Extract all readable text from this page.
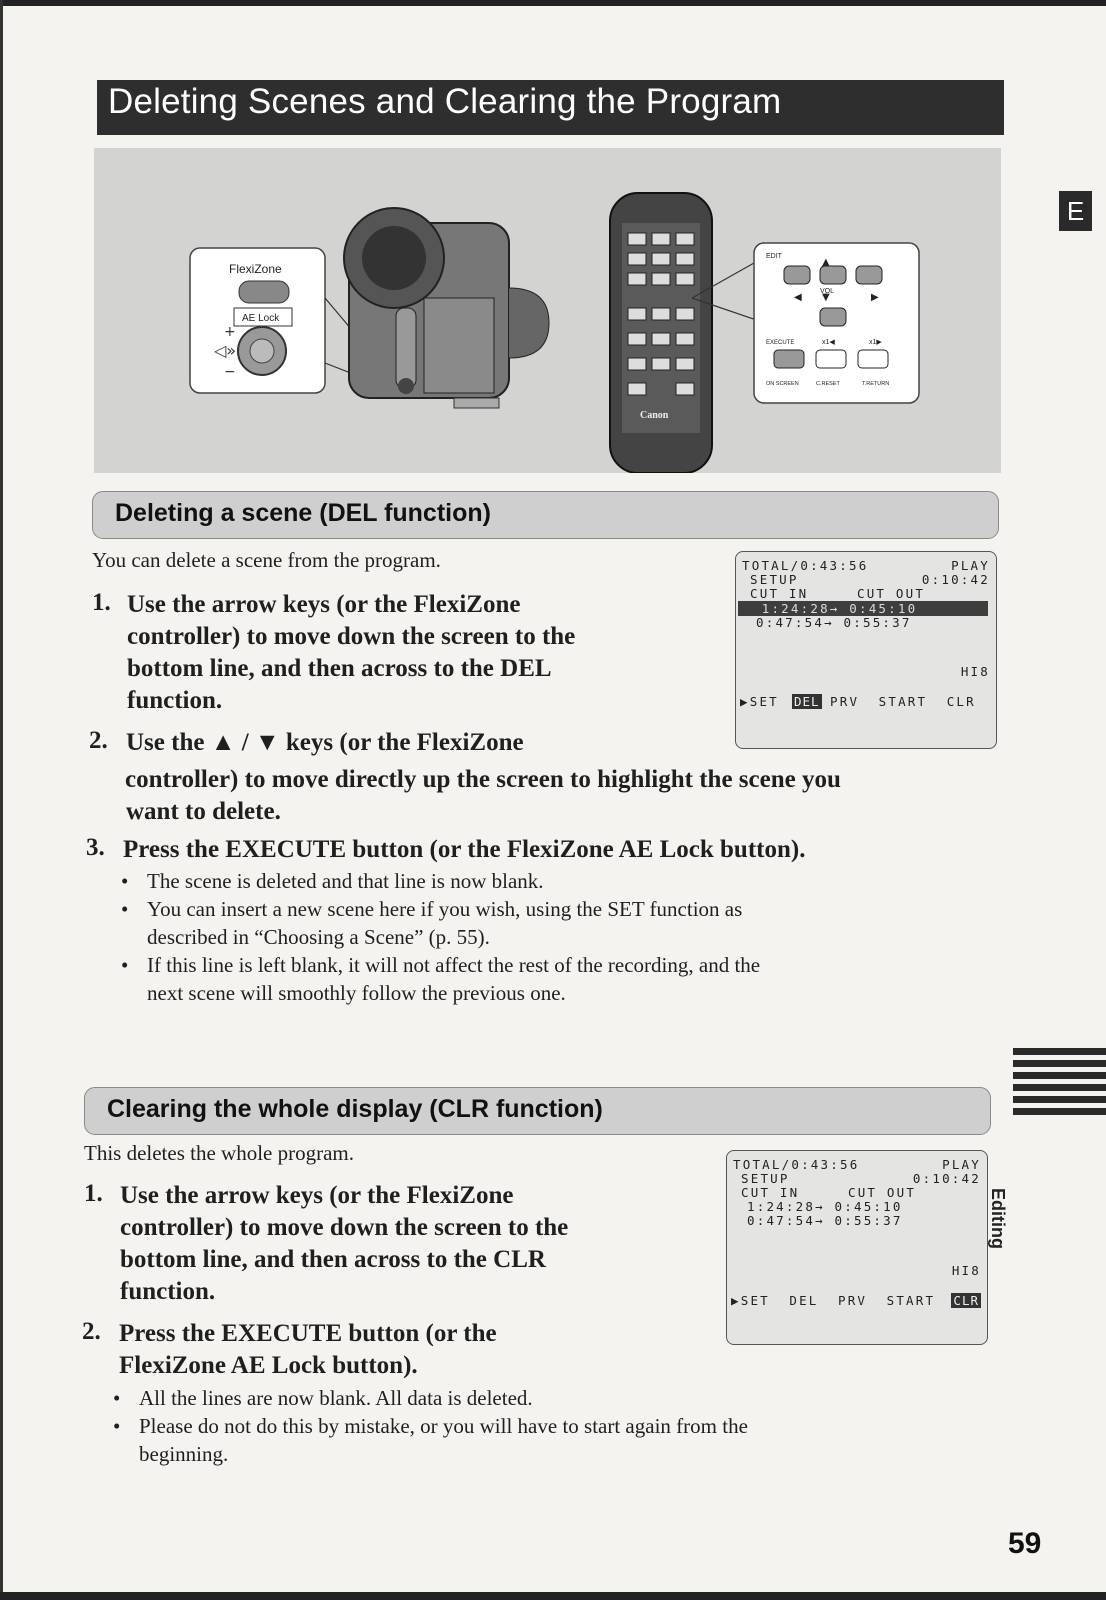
Deleting Scenes and Clearing the Program
E
FlexiZone
AE Lock
◁»
+
−
Canon
EDIT
▲
◀	▶
▼
VOL
EXECUTE	x1◀	x1▶
ON SCREEN	C.RESET	T.RETURN
Deleting a scene (DEL function)
You can delete a scene from the program.
1. Use the arrow keys (or the FlexiZone
controller) to move down the screen to the
bottom line, and then across to the DEL
function.
2. Use the ▲ / ▼ keys (or the FlexiZone
controller) to move directly up the screen to highlight the scene you
want to delete.
3. Press the EXECUTE button (or the FlexiZone AE Lock button).
• The scene is deleted and that line is now blank.
• You can insert a new scene here if you wish, using the SET function as
described in “Choosing a Scene” (p. 55).
• If this line is left blank, it will not affect the rest of the recording, and the
next scene will smoothly follow the previous one.
TOTAL/0:43:56	PLAY
SETUP	0:10:42
CUT IN     CUT OUT
1:24:28→ 0:45:10
0:47:54→ 0:55:37
HI8
▶SET DEL PRV  START  CLR
Clearing the whole display (CLR function)
This deletes the whole program.
1. Use the arrow keys (or the FlexiZone
controller) to move down the screen to the
bottom line, and then across to the CLR
function.
2. Press the EXECUTE button (or the
FlexiZone AE Lock button).
• All the lines are now blank. All data is deleted.
• Please do not do this by mistake, or you will have to start again from the
beginning.
TOTAL/0:43:56	PLAY
SETUP	0:10:42
CUT IN     CUT OUT
1:24:28→ 0:45:10
0:47:54→ 0:55:37
HI8
▶SET  DEL  PRV  START CLR
Editing
59
